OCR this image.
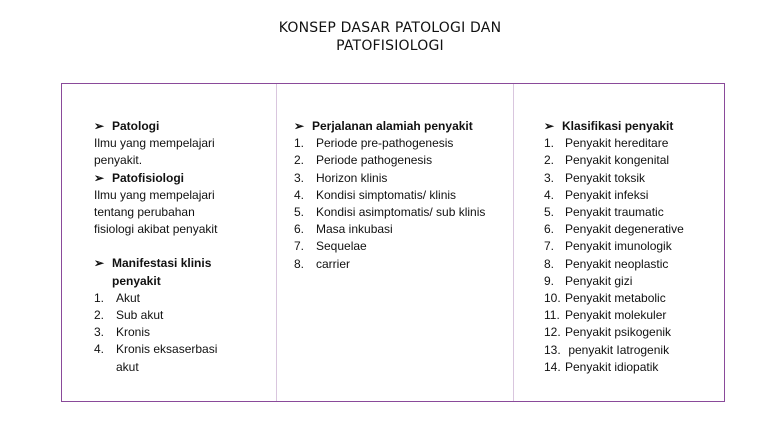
KONSEP DASAR PATOLOGI DAN
PATOFISIOLOGI
➢ Patologi
Ilmu yang mempelajari
penyakit.
➢ Patofisiologi
Ilmu yang mempelajari
tentang perubahan
fisiologi akibat penyakit
➢ Manifestasi klinis penyakit
1. Akut
2. Sub akut
3. Kronis
4. Kronis eksaserbasi akut
➢ Perjalanan alamiah penyakit
1. Periode pre-pathogenesis
2. Periode pathogenesis
3. Horizon klinis
4. Kondisi simptomatis/ klinis
5. Kondisi asimptomatis/ sub klinis
6. Masa inkubasi
7. Sequelae
8. carrier
➢ Klasifikasi penyakit
1. Penyakit hereditare
2. Penyakit kongenital
3. Penyakit toksik
4. Penyakit infeksi
5. Penyakit traumatic
6. Penyakit degenerative
7. Penyakit imunologik
8. Penyakit neoplastic
9. Penyakit gizi
10. Penyakit metabolic
11. Penyakit molekuler
12. Penyakit psikogenik
13. penyakit Iatrogenik
14. Penyakit idiopatik
